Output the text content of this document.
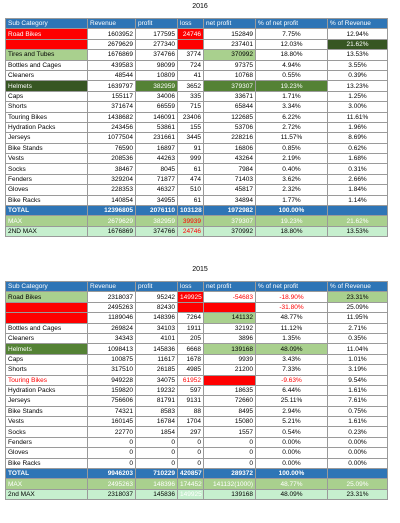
2016
Sub Category	Revenue	profit	loss	net profit	% of net profit	% of Revenue
Road Bikes	1603952	177595	24746	152849	7.75%	12.94%
Mountain Bikes	2679629	277340	39939	237401	12.03%	21.62%
Tires and Tubes	1676869	374766	3774	370992	18.80%	13.53%
Bottles and Cages	439583	98099	724	97375	4.94%	3.55%
Cleaners	48544	10809	41	10768	0.55%	0.39%
Helmets	1639797	382959	3652	379307	19.23%	13.23%
Caps	155117	34006	335	33671	1.71%	1.25%
Shorts	371674	66559	715	65844	3.34%	3.00%
Touring Bikes	1438682	146091	23406	122685	6.22%	11.61%
Hydration Packs	243456	53861	155	53706	2.72%	1.96%
Jerseys	1077504	231661	3445	228216	11.57%	8.69%
Bike Stands	76590	16897	91	16806	0.85%	0.62%
Vests	208536	44263	999	43264	2.19%	1.68%
Socks	38467	8045	61	7984	0.40%	0.31%
Fenders	329204	71877	474	71403	3.62%	2.66%
Gloves	228353	46327	510	45817	2.32%	1.84%
Bike Racks	140854	34955	61	34894	1.77%	1.14%
TOTAL	12396805	2076110	103128	1972982	100.00%	
MAX	2679629	382959	39939	379307	19.23%	21.62%
2ND MAX	1676869	374766	24746	370992	18.80%	13.53%
2015
Sub Category	Revenue	profit	loss	net profit	% of net profit	% of Revenue
Road Bikes	2318037	95242	149925	-54683	-18.90%	23.31%
Mountain Bikes	2495263	82430	174452	-92022	-31.80%	25.09%
Tires and Tubes	1189046	148396	7264	141132	48.77%	11.95%
Bottles and Cages	269824	34103	1911	32192	11.12%	2.71%
Cleaners	34343	4101	205	3896	1.35%	0.35%
Helmets	1098413	145836	6668	139168	48.09%	11.04%
Caps	100875	11617	1678	9939	3.43%	1.01%
Shorts	317510	26185	4985	21200	7.33%	3.19%
Touring Bikes	949228	34075	61952	-27877	-9.63%	9.54%
Hydration Packs	159820	19232	597	18635	6.44%	1.61%
Jerseys	756606	81791	9131	72660	25.11%	7.61%
Bike Stands	74321	8583	88	8495	2.94%	0.75%
Vests	160145	16784	1704	15080	5.21%	1.61%
Socks	22770	1854	297	1557	0.54%	0.23%
Fenders	0	0	0	0	0.00%	0.00%
Gloves	0	0	0	0	0.00%	0.00%
Bike Racks	0	0	0	0	0.00%	0.00%
TOTAL	9946203	710229	420857	289372	100.00%	
MAX	2495263	148396	174452	141132(1000)	48.77%	25.09%
2nd MAX	2318037	145836	149925	139168	48.09%	23.31%
